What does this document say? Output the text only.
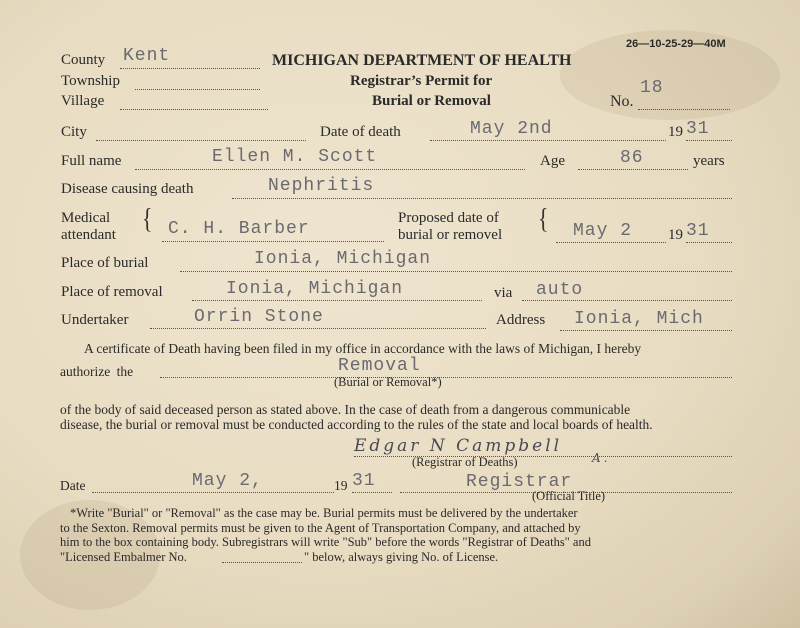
26—10-25-29—40M
County Kent
Township
Village
MICHIGAN DEPARTMENT OF HEALTH
Registrar’s Permit for
Burial or Removal	No.
18
City	Date of death	May 2nd	19 31
Full name	Ellen M. Scott	Age	86	years
Disease causing death	Nephritis
Medical
attendant
{ C. H. Barber
Proposed date of
burial or removel
{ May 2 19 31
Place of burial	Ionia, Michigan
Place of removal	Ionia, Michigan	via auto
Undertaker	Orrin Stone	Address Ionia, Mich
A certificate of Death having been filed in my office in accordance with the laws of Michigan, I hereby
authorize the	Removal
(Burial or Removal*)
of the body of said deceased person as stated above. In the case of death from a dangerous communicable
disease, the burial or removal must be conducted according to the rules of the state and local boards of health.
Edgar N Campbell
A.
(Registrar of Deaths)
Date	May 2,	19 31	Registrar
(Official Title)
*Write "Burial" or "Removal" as the case may be. Burial permits must be delivered by the undertaker
to the Sexton. Removal permits must be given to the Agent of Transportation Company, and attached by
him to the box containing body. Subregistrars will write "Sub" before the words "Registrar of Deaths" and
"Licensed Embalmer No.	" below, always giving No. of License.
